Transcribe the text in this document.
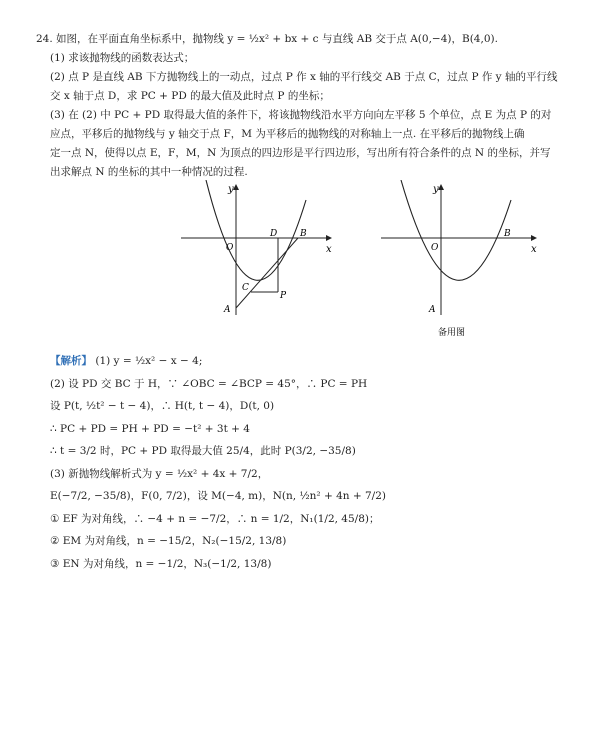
24. 如图，在平面直角坐标系中，抛物线 y = ½x² + bx + c 与直线 AB 交于点 A(0,−4)，B(4,0).
(1) 求该抛物线的函数表达式；
(2) 点 P 是直线 AB 下方抛物线上的一动点，过点 P 作 x 轴的平行线交 AB 于点 C，过点 P 作 y 轴的平行线
交 x 轴于点 D，求 PC + PD 的最大值及此时点 P 的坐标；
(3) 在 (2) 中 PC + PD 取得最大值的条件下，将该抛物线沿水平方向向左平移 5 个单位，点 E 为点 P 的对
应点，平移后的抛物线与 y 轴交于点 F，M 为平移后的抛物线的对称轴上一点. 在平移后的抛物线上确
定一点 N，使得以点 E，F，M，N 为顶点的四边形是平行四边形，写出所有符合条件的点 N 的坐标，并写
出求解点 N 的坐标的其中一种情况的过程.
y
x
O
A
B
C
D
P
y
x
O
A
B
备用图
【解析】 (1) y = ½x² − x − 4;
(2) 设 PD 交 BC 于 H，∵ ∠OBC = ∠BCP = 45°，∴ PC = PH
设 P(t, ½t² − t − 4)，∴ H(t, t − 4)，D(t, 0)
∴ PC + PD = PH + PD = −t² + 3t + 4
∴ t = 3/2 时，PC + PD 取得最大值 25/4，此时 P(3/2, −35/8)
(3) 新抛物线解析式为 y = ½x² + 4x + 7/2，
E(−7/2, −35/8)，F(0, 7/2)，设 M(−4, m)，N(n, ½n² + 4n + 7/2)
① EF 为对角线，∴ −4 + n = −7/2，∴ n = 1/2，N₁(1/2, 45/8)；
② EM 为对角线，n = −15/2，N₂(−15/2, 13/8)
③ EN 为对角线，n = −1/2，N₃(−1/2, 13/8)
